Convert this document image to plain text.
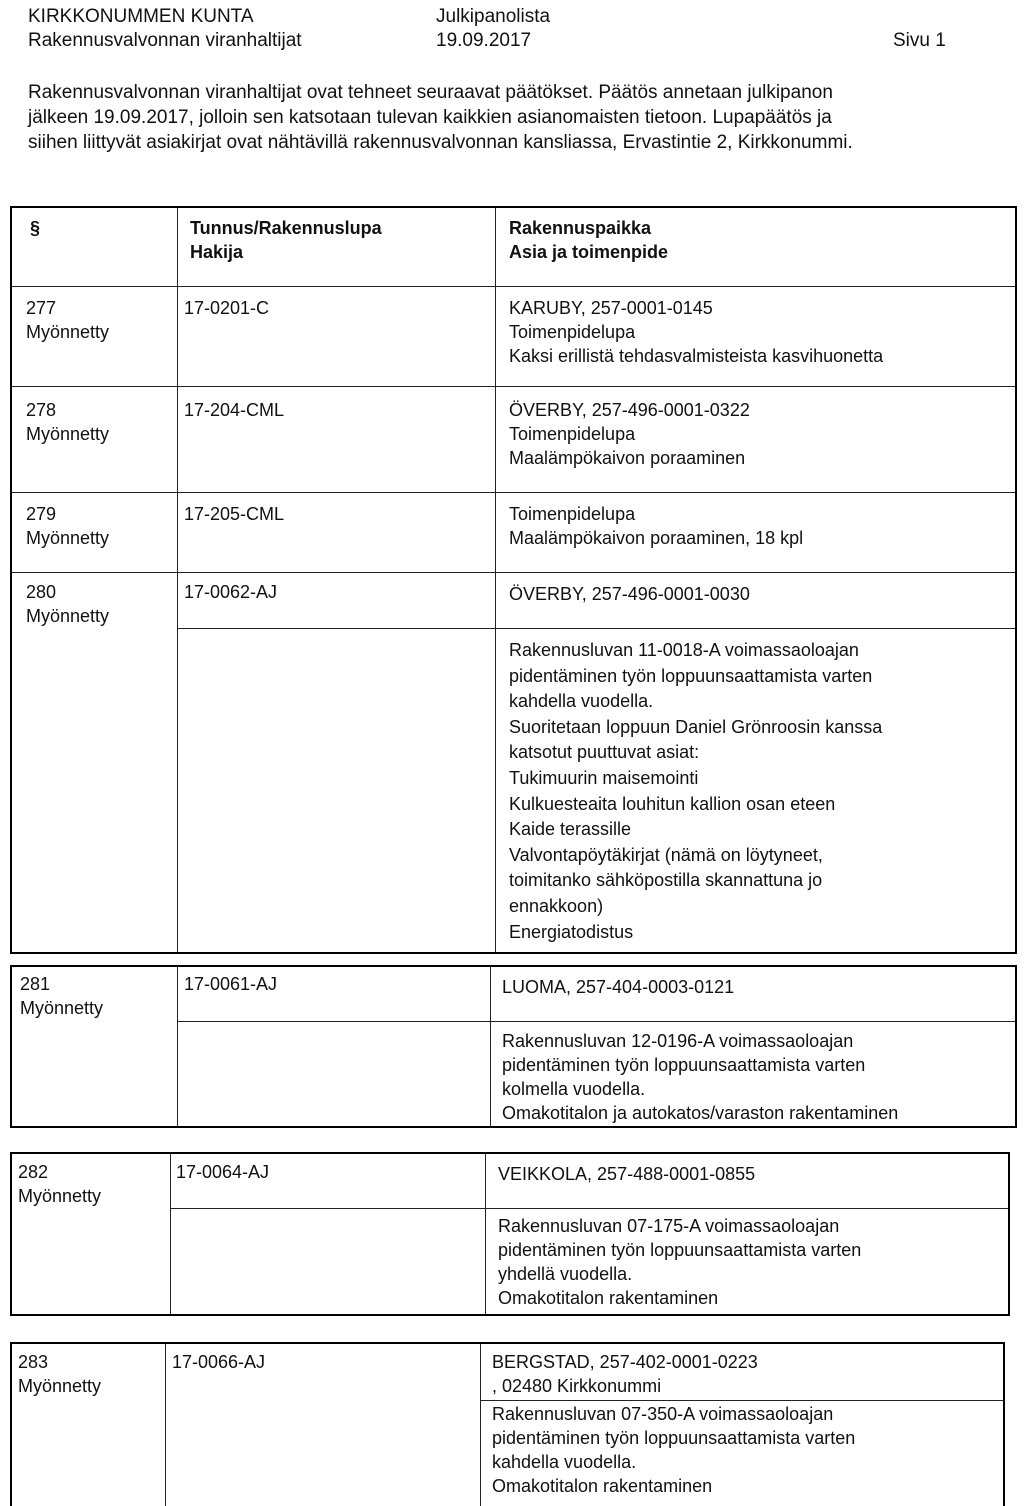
KIRKKONUMMEN KUNTA
Rakennusvalvonnan viranhaltijat
Julkipanolista
19.09.2017	Sivu 1
Rakennusvalvonnan viranhaltijat ovat tehneet seuraavat päätökset. Päätös annetaan julkipanon
jälkeen 19.09.2017, jolloin sen katsotaan tulevan kaikkien asianomaisten tietoon. Lupapäätös ja
siihen liittyvät asiakirjat ovat nähtävillä rakennusvalvonnan kansliassa, Ervastintie 2, Kirkkonummi.
§	Tunnus/Rakennuslupa
Hakija
Rakennuspaikka
Asia ja toimenpide
277
Myönnetty
17-0201-C	KARUBY, 257-0001-0145
Toimenpidelupa
Kaksi erillistä tehdasvalmisteista kasvihuonetta
278
Myönnetty
17-204-CML	ÖVERBY, 257-496-0001-0322
Toimenpidelupa
Maalämpökaivon poraaminen
279
Myönnetty
17-205-CML	Toimenpidelupa
Maalämpökaivon poraaminen, 18 kpl
280
Myönnetty
17-0062-AJ	ÖVERBY, 257-496-0001-0030
Rakennusluvan 11-0018-A voimassaoloajan
pidentäminen työn loppuunsaattamista varten
kahdella vuodella.
Suoritetaan loppuun Daniel Grönroosin kanssa
katsotut puuttuvat asiat:
Tukimuurin maisemointi
Kulkuesteaita louhitun kallion osan eteen
Kaide terassille
Valvontapöytäkirjat (nämä on löytyneet,
toimitanko sähköpostilla skannattuna jo
ennakkoon)
Energiatodistus
281
Myönnetty
17-0061-AJ	LUOMA, 257-404-0003-0121
Rakennusluvan 12-0196-A voimassaoloajan
pidentäminen työn loppuunsaattamista varten
kolmella vuodella.
Omakotitalon ja autokatos/varaston rakentaminen
282
Myönnetty
17-0064-AJ	VEIKKOLA, 257-488-0001-0855
Rakennusluvan 07-175-A voimassaoloajan
pidentäminen työn loppuunsaattamista varten
yhdellä vuodella.
Omakotitalon rakentaminen
283
Myönnetty
17-0066-AJ	BERGSTAD, 257-402-0001-0223
, 02480 Kirkkonummi
Rakennusluvan 07-350-A voimassaoloajan
pidentäminen työn loppuunsaattamista varten
kahdella vuodella.
Omakotitalon rakentaminen
